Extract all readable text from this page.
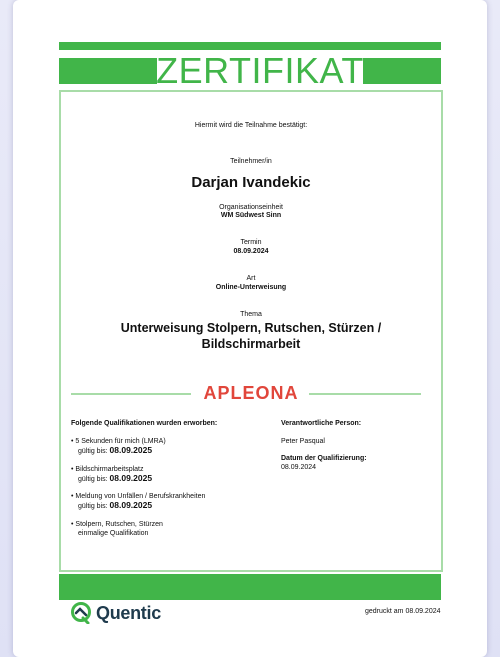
ZERTIFIKAT
Hiermit wird die Teilnahme bestätigt:
Teilnehmer/in
Darjan Ivandekic
Organisationseinheit
WM Südwest Sinn
Termin
08.09.2024
Art
Online-Unterweisung
Thema
Unterweisung Stolpern, Rutschen, Stürzen /
Bildschirmarbeit
APLEONA
Folgende Qualifikationen wurden erworben:
• 5 Sekunden für mich (LMRA)
gültig bis: 08.09.2025
• Bildschirmarbeitsplatz
gültig bis: 08.09.2025
• Meldung von Unfällen / Berufskrankheiten
gültig bis: 08.09.2025
• Stolpern, Rutschen, Stürzen
einmalige Qualifikation
Verantwortliche Person:
Peter Pasqual
Datum der Qualifizierung:
08.09.2024
Quentic	gedruckt am 08.09.2024
